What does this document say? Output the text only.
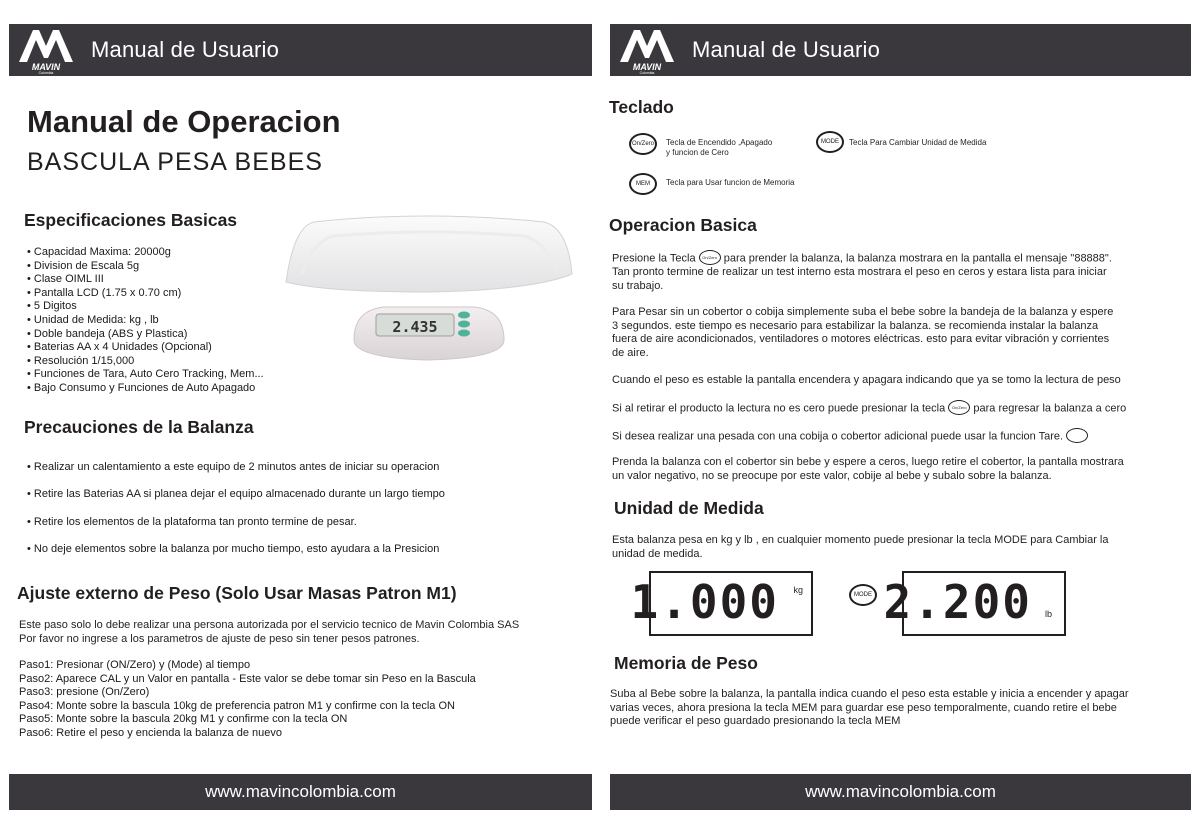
MAVIN
Colombia
Manual de Usuario
Manual de Operacion
BASCULA PESA BEBES
Especificaciones Basicas
• Capacidad Maxima: 20000g
• Division de Escala 5g
• Clase OIML III
• Pantalla LCD (1.75 x 0.70 cm)
• 5 Digitos
• Unidad de Medida: kg , lb
• Doble bandeja (ABS y Plastica)
• Baterias AA x 4 Unidades (Opcional)
• Resolución 1/15,000
• Funciones de Tara, Auto Cero Tracking, Mem...
• Bajo Consumo y Funciones de Auto Apagado
2.435
Precauciones de la Balanza
• Realizar un calentamiento a este equipo de 2 minutos antes de iniciar su operacion
• Retire las Baterias AA si planea dejar el equipo almacenado durante un largo tiempo
• Retire los elementos de la plataforma tan pronto termine de pesar.
• No deje elementos sobre la balanza por mucho tiempo, esto ayudara a la Presicion
Ajuste externo de Peso (Solo Usar Masas Patron M1)
Este paso solo lo debe realizar una persona autorizada por el servicio tecnico de Mavin Colombia SAS
Por favor no ingrese a los parametros de ajuste de peso sin tener pesos patrones.
Paso1: Presionar (ON/Zero) y (Mode) al tiempo
Paso2: Aparece CAL y un Valor en pantalla - Este valor se debe tomar sin Peso en la Bascula
Paso3: presione (On/Zero)
Paso4: Monte sobre la bascula 10kg de preferencia patron M1 y confirme con la tecla ON
Paso5: Monte sobre la bascula 20kg M1 y confirme con la tecla ON
Paso6: Retire el peso y encienda la balanza de nuevo
www.mavincolombia.com
MAVIN
Colombia
Manual de Usuario
Teclado
On/Zero Tecla de Encendido ,Apagado
y funcion de Cero
MODE Tecla Para Cambiar Unidad de Medida
MEM Tecla para Usar funcion de Memoria
Operacion Basica
Presione la Tecla On/Zero para prender la balanza, la balanza mostrara en la pantalla el mensaje "88888".
Tan pronto termine de realizar un test interno esta mostrara el peso en ceros y estara lista para iniciar
su trabajo.
Para Pesar sin un cobertor o cobija simplemente suba el bebe sobre la bandeja de la balanza y espere
3 segundos. este tiempo es necesario para estabilizar la balanza. se recomienda instalar la balanza
fuera de aire acondicionados, ventiladores o motores eléctricas. esto para evitar vibración y corrientes
de aire.
Cuando el peso es estable la pantalla encendera y apagara indicando que ya se tomo la lectura de peso
Si al retirar el producto la lectura no es cero puede presionar la tecla On/Zero para regresar la balanza a cero
Si desea realizar una pesada con una cobija o cobertor adicional puede usar la funcion Tare.
Prenda la balanza con el cobertor sin bebe y espere a ceros, luego retire el cobertor, la pantalla mostrara
un valor negativo, no se preocupe por este valor, cobije al bebe y subalo sobre la balanza.
Unidad de Medida
Esta balanza pesa en kg y lb , en cualquier momento puede presionar la tecla MODE para Cambiar la
unidad de medida.
1.000 kg	MODE 2.200 lb
Memoria de Peso
Suba al Bebe sobre la balanza, la pantalla indica cuando el peso esta estable y inicia a encender y apagar
varias veces, ahora presiona la tecla MEM para guardar ese peso temporalmente, cuando retire el bebe
puede verificar el peso guardado presionando la tecla MEM
www.mavincolombia.com
